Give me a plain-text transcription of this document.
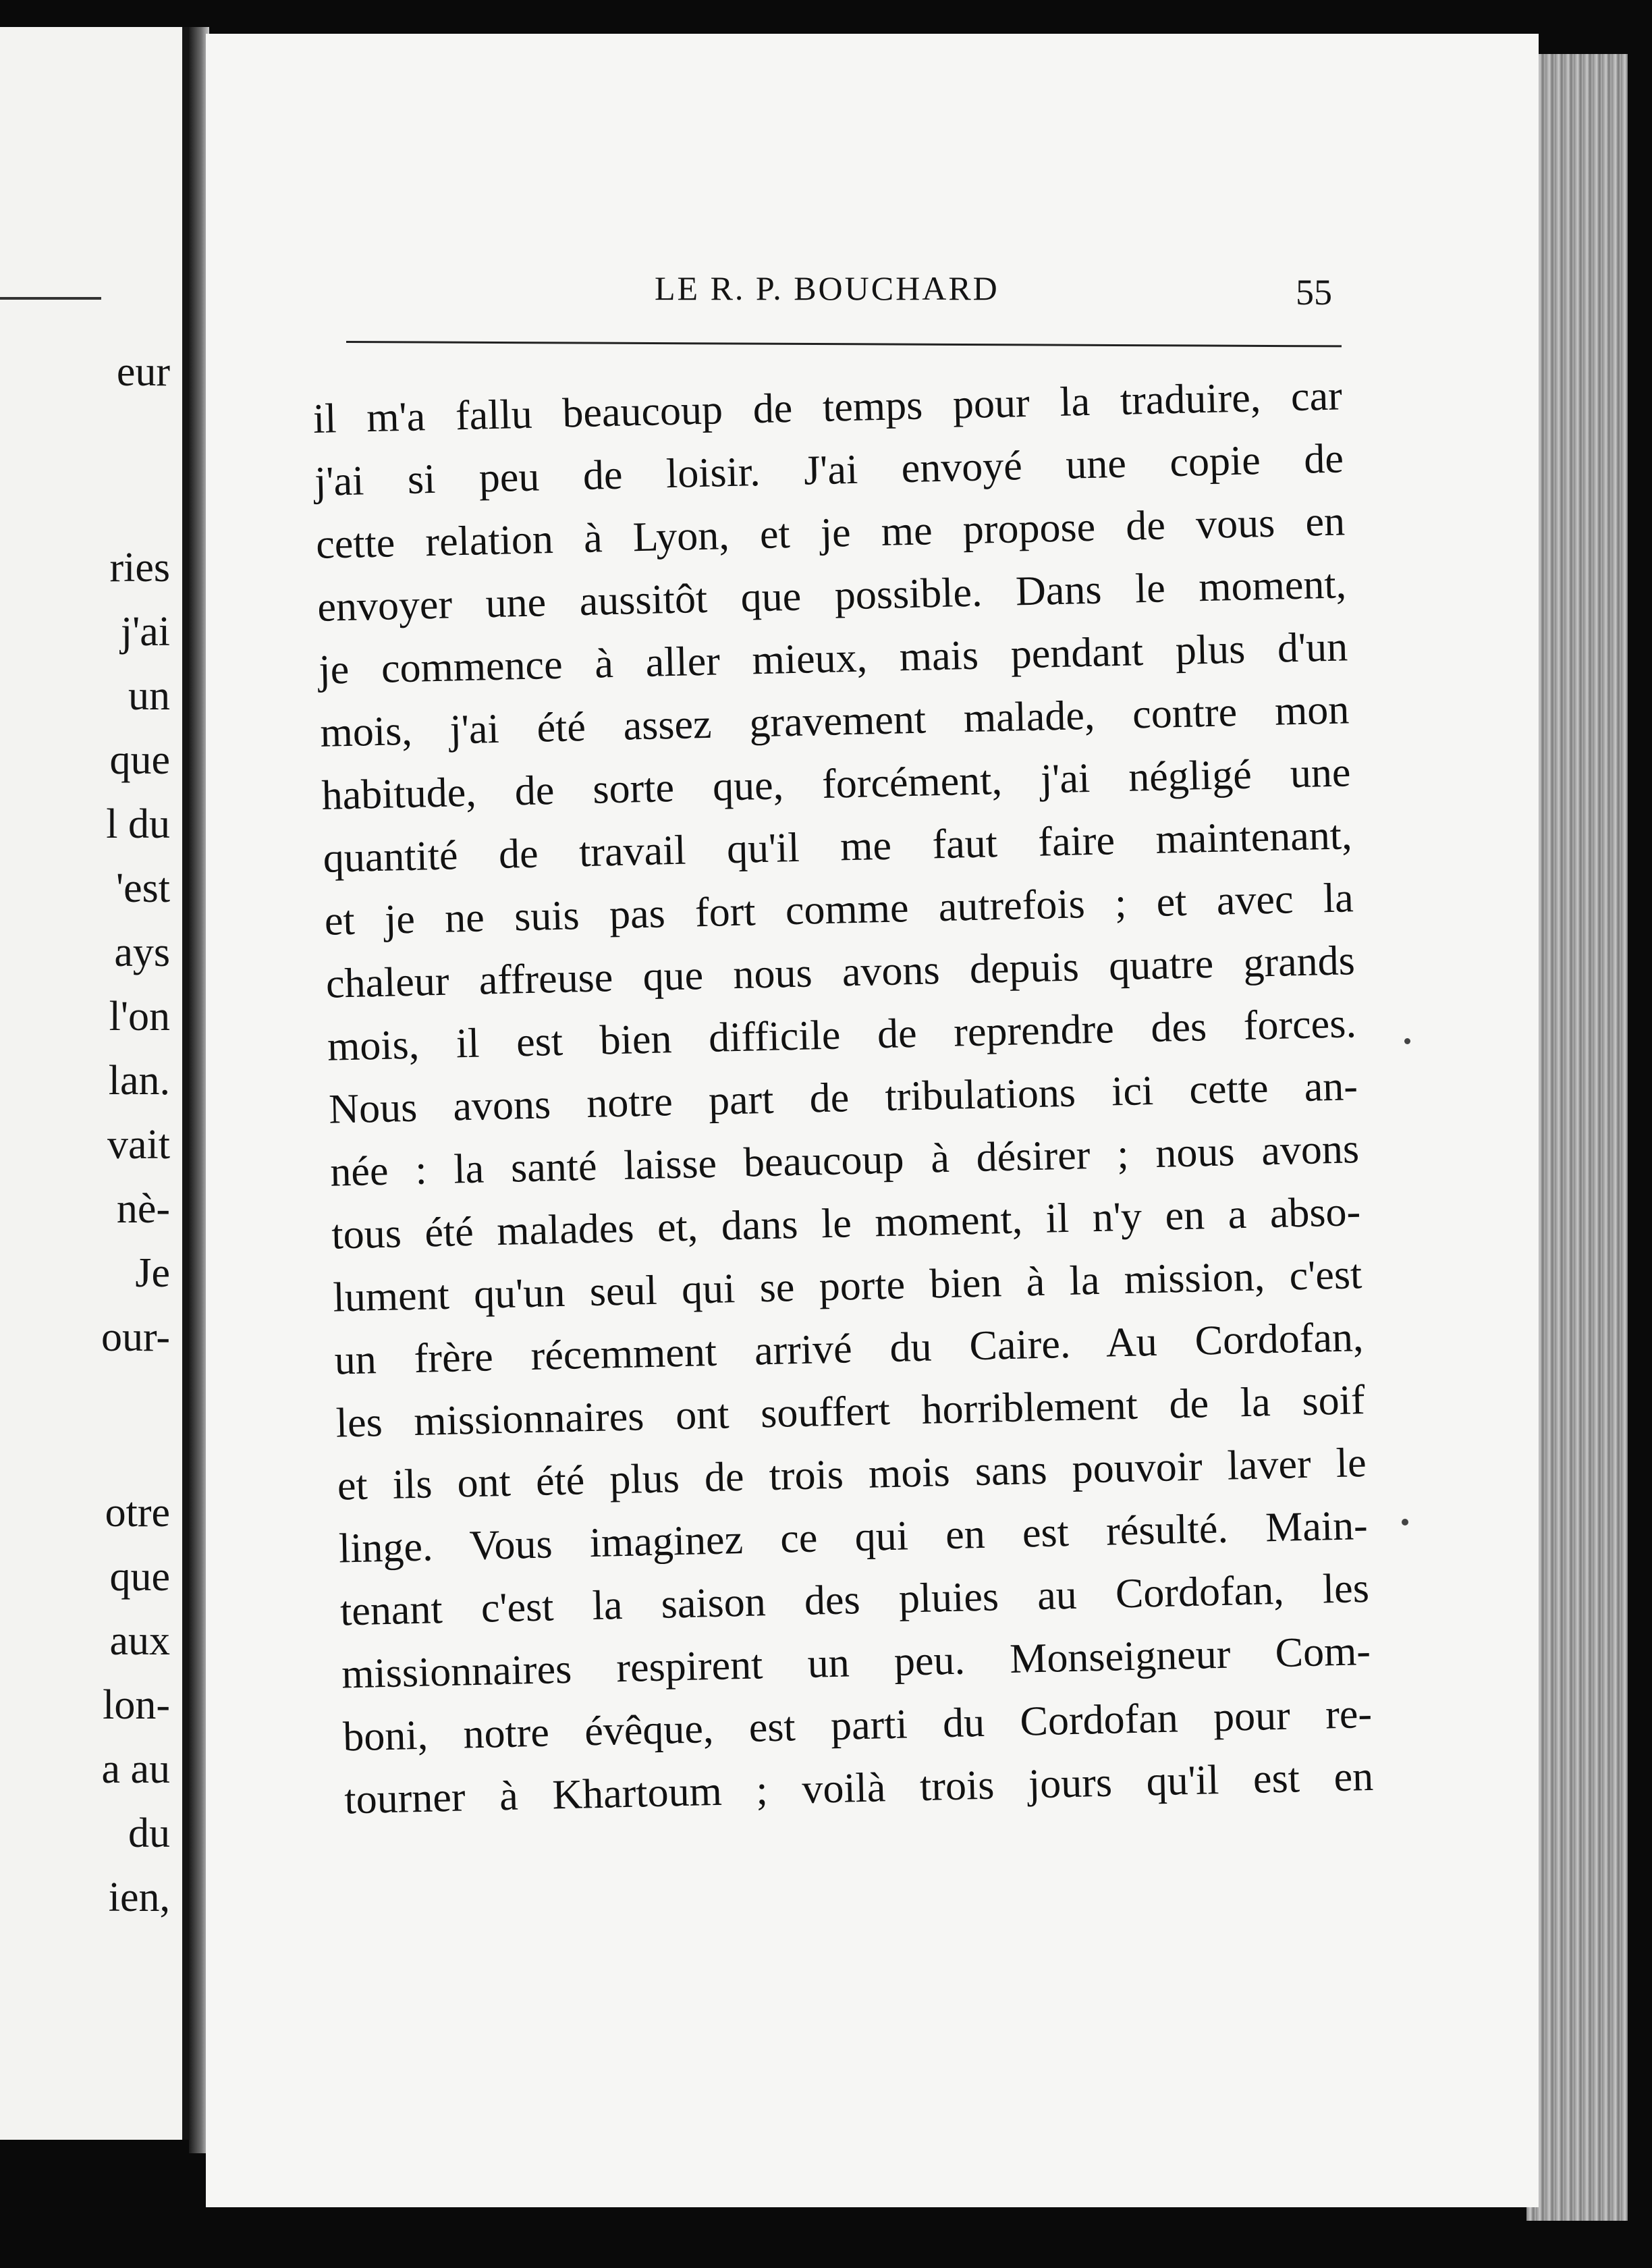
eur
ries
j'ai
un
que
l du
'est
ays
l'on
lan.
vait
nè-
Je
our-
otre
que
aux
lon-
a au
du
ien,
LE R. P. BOUCHARD	55
il m'a fallu beaucoup de temps pour la traduire, car
j'ai si peu de loisir. J'ai envoyé une copie de
cette relation à Lyon, et je me propose de vous en
envoyer une aussitôt que possible. Dans le moment,
je commence à aller mieux, mais pendant plus d'un
mois, j'ai été assez gravement malade, contre mon
habitude, de sorte que, forcément, j'ai négligé une
quantité de travail qu'il me faut faire maintenant,
et je ne suis pas fort comme autrefois ; et avec la
chaleur affreuse que nous avons depuis quatre grands
mois, il est bien difficile de reprendre des forces.
Nous avons notre part de tribulations ici cette an-
née : la santé laisse beaucoup à désirer ; nous avons
tous été malades et, dans le moment, il n'y en a abso-
lument qu'un seul qui se porte bien à la mission, c'est
un frère récemment arrivé du Caire. Au Cordofan,
les missionnaires ont souffert horriblement de la soif
et ils ont été plus de trois mois sans pouvoir laver le
linge. Vous imaginez ce qui en est résulté. Main-
tenant c'est la saison des pluies au Cordofan, les
missionnaires respirent un peu. Monseigneur Com-
boni, notre évêque, est parti du Cordofan pour re-
tourner à Khartoum ; voilà trois jours qu'il est en
